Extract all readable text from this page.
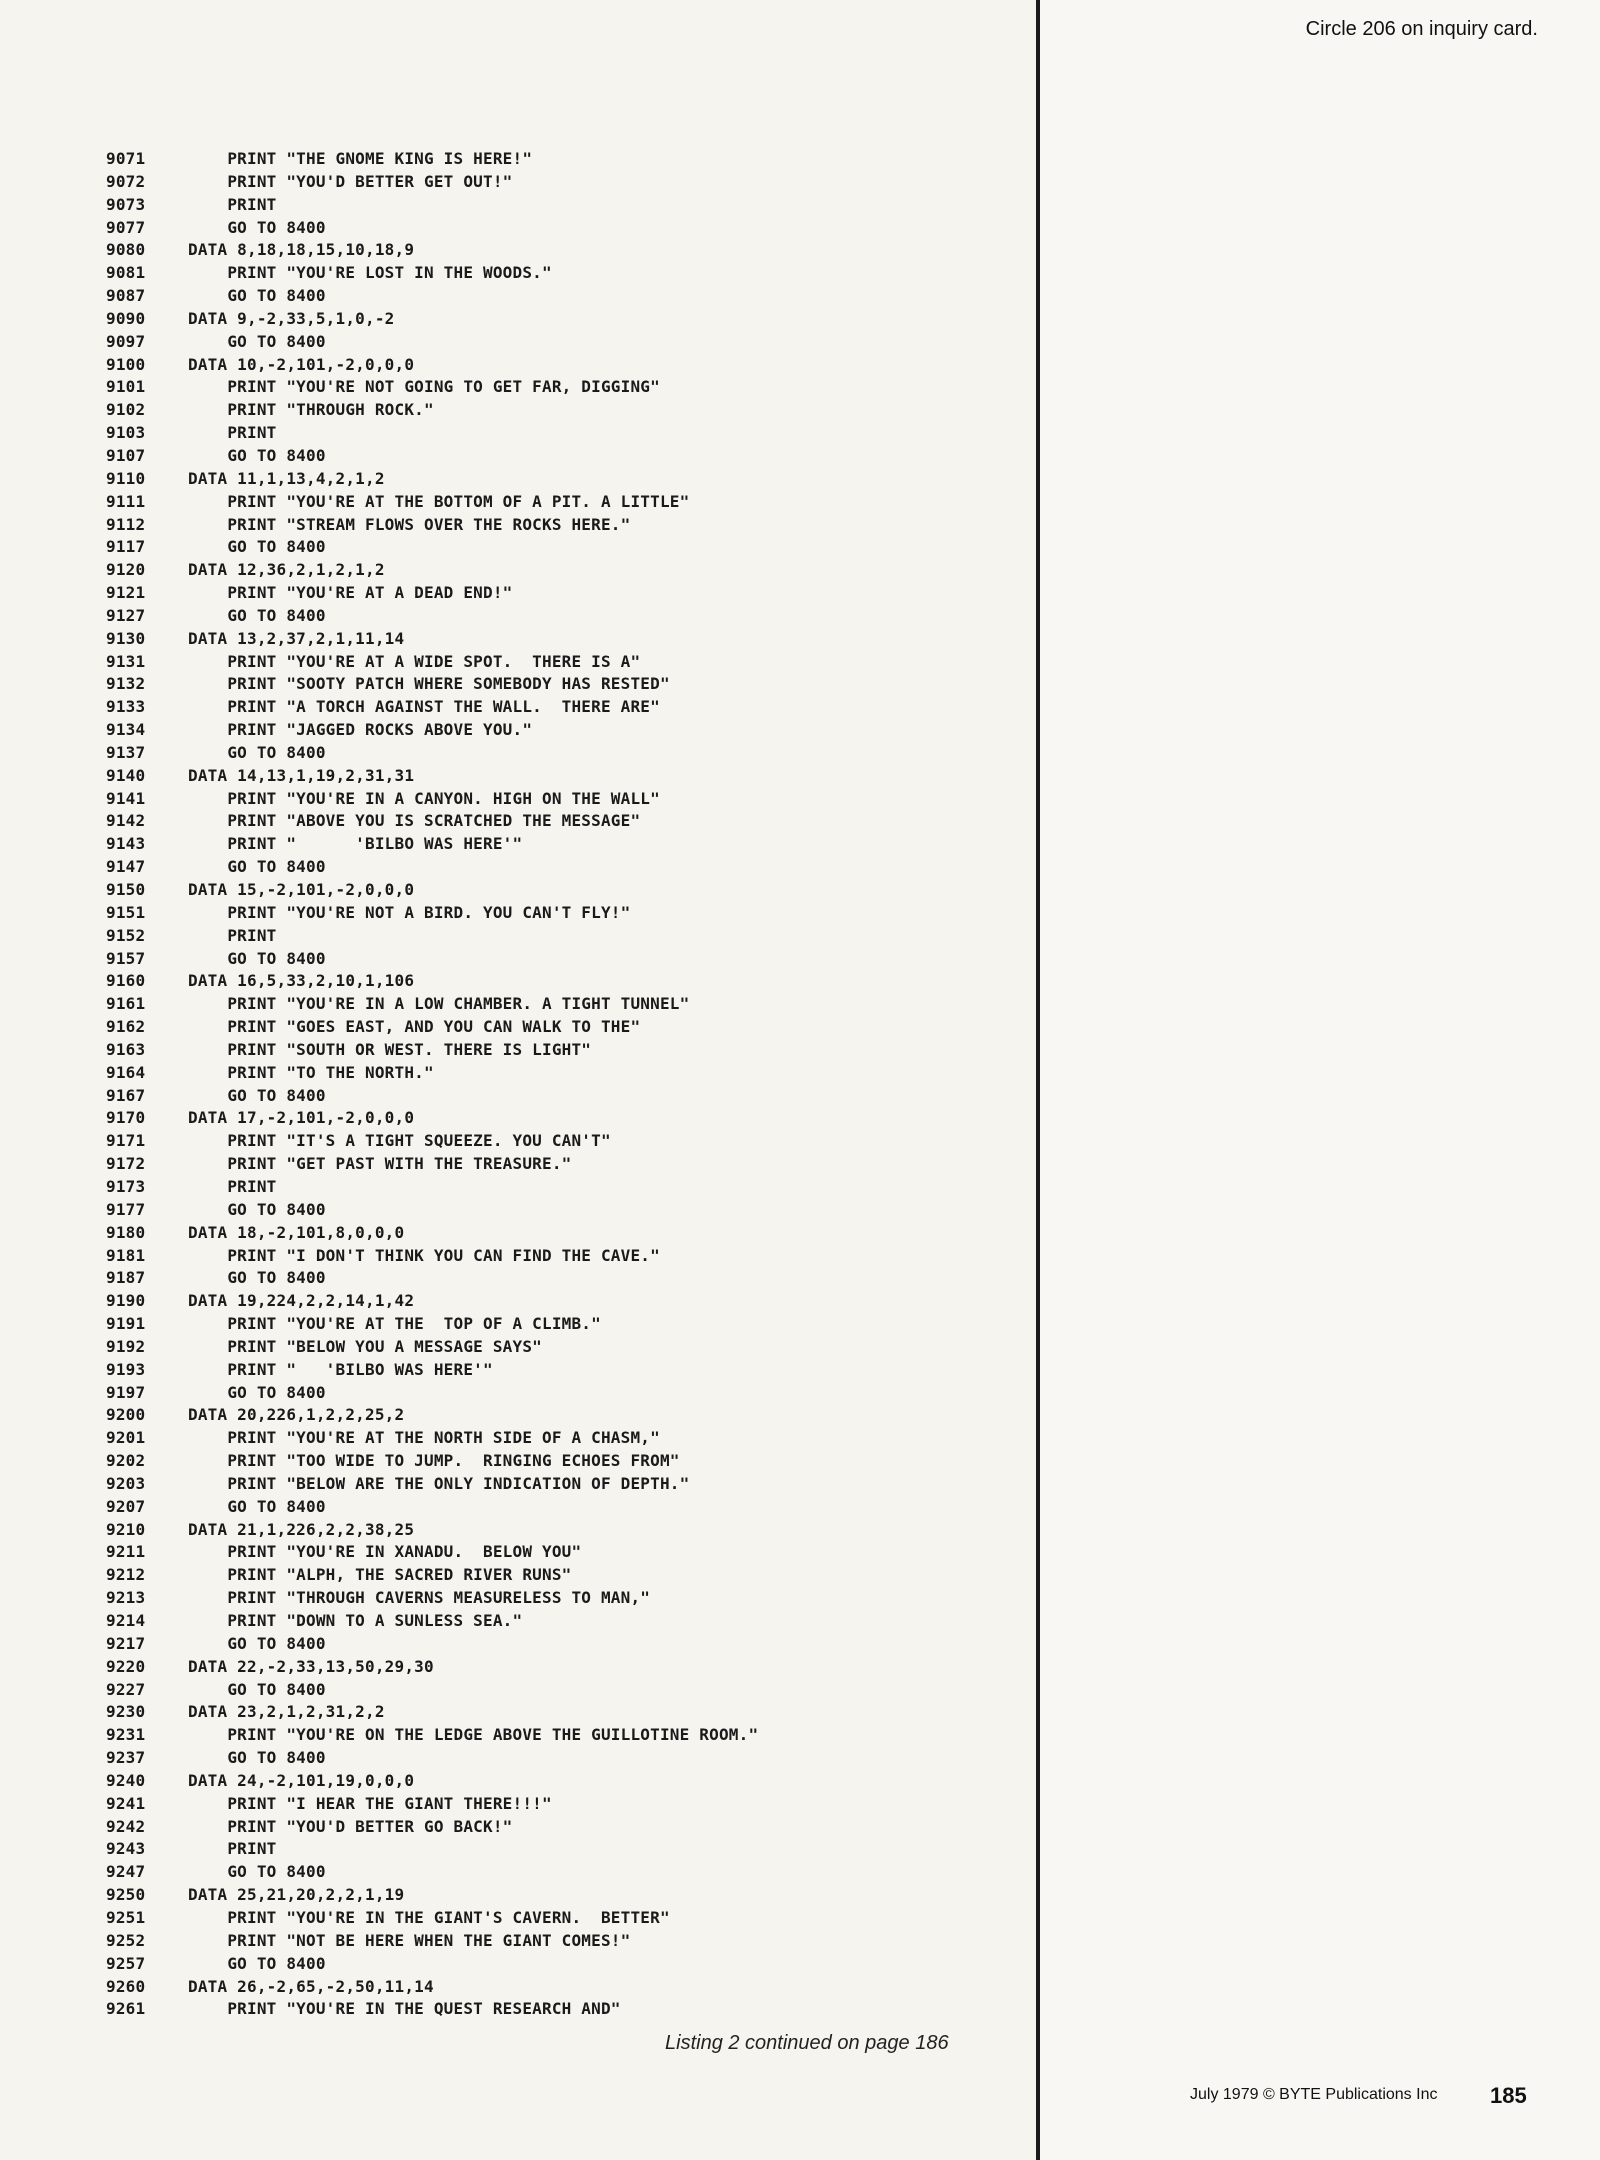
9071	PRINT "THE GNOME KING IS HERE!"
9072	PRINT "YOU'D BETTER GET OUT!"
9073	PRINT
9077	GO TO 8400
9080	DATA 8,18,18,15,10,18,9
9081	PRINT "YOU'RE LOST IN THE WOODS."
9087	GO TO 8400
9090	DATA 9,-2,33,5,1,0,-2
9097	GO TO 8400
9100	DATA 10,-2,101,-2,0,0,0
9101	PRINT "YOU'RE NOT GOING TO GET FAR, DIGGING"
9102	PRINT "THROUGH ROCK."
9103	PRINT
9107	GO TO 8400
9110	DATA 11,1,13,4,2,1,2
9111	PRINT "YOU'RE AT THE BOTTOM OF A PIT. A LITTLE"
9112	PRINT "STREAM FLOWS OVER THE ROCKS HERE."
9117	GO TO 8400
9120	DATA 12,36,2,1,2,1,2
9121	PRINT "YOU'RE AT A DEAD END!"
9127	GO TO 8400
9130	DATA 13,2,37,2,1,11,14
9131	PRINT "YOU'RE AT A WIDE SPOT.  THERE IS A"
9132	PRINT "SOOTY PATCH WHERE SOMEBODY HAS RESTED"
9133	PRINT "A TORCH AGAINST THE WALL.  THERE ARE"
9134	PRINT "JAGGED ROCKS ABOVE YOU."
9137	GO TO 8400
9140	DATA 14,13,1,19,2,31,31
9141	PRINT "YOU'RE IN A CANYON. HIGH ON THE WALL"
9142	PRINT "ABOVE YOU IS SCRATCHED THE MESSAGE"
9143	PRINT "      'BILBO WAS HERE'"
9147	GO TO 8400
9150	DATA 15,-2,101,-2,0,0,0
9151	PRINT "YOU'RE NOT A BIRD. YOU CAN'T FLY!"
9152	PRINT
9157	GO TO 8400
9160	DATA 16,5,33,2,10,1,106
9161	PRINT "YOU'RE IN A LOW CHAMBER. A TIGHT TUNNEL"
9162	PRINT "GOES EAST, AND YOU CAN WALK TO THE"
9163	PRINT "SOUTH OR WEST. THERE IS LIGHT"
9164	PRINT "TO THE NORTH."
9167	GO TO 8400
9170	DATA 17,-2,101,-2,0,0,0
9171	PRINT "IT'S A TIGHT SQUEEZE. YOU CAN'T"
9172	PRINT "GET PAST WITH THE TREASURE."
9173	PRINT
9177	GO TO 8400
9180	DATA 18,-2,101,8,0,0,0
9181	PRINT "I DON'T THINK YOU CAN FIND THE CAVE."
9187	GO TO 8400
9190	DATA 19,224,2,2,14,1,42
9191	PRINT "YOU'RE AT THE  TOP OF A CLIMB."
9192	PRINT "BELOW YOU A MESSAGE SAYS"
9193	PRINT "   'BILBO WAS HERE'"
9197	GO TO 8400
9200	DATA 20,226,1,2,2,25,2
9201	PRINT "YOU'RE AT THE NORTH SIDE OF A CHASM,"
9202	PRINT "TOO WIDE TO JUMP.  RINGING ECHOES FROM"
9203	PRINT "BELOW ARE THE ONLY INDICATION OF DEPTH."
9207	GO TO 8400
9210	DATA 21,1,226,2,2,38,25
9211	PRINT "YOU'RE IN XANADU.  BELOW YOU"
9212	PRINT "ALPH, THE SACRED RIVER RUNS"
9213	PRINT "THROUGH CAVERNS MEASURELESS TO MAN,"
9214	PRINT "DOWN TO A SUNLESS SEA."
9217	GO TO 8400
9220	DATA 22,-2,33,13,50,29,30
9227	GO TO 8400
9230	DATA 23,2,1,2,31,2,2
9231	PRINT "YOU'RE ON THE LEDGE ABOVE THE GUILLOTINE ROOM."
9237	GO TO 8400
9240	DATA 24,-2,101,19,0,0,0
9241	PRINT "I HEAR THE GIANT THERE!!!"
9242	PRINT "YOU'D BETTER GO BACK!"
9243	PRINT
9247	GO TO 8400
9250	DATA 25,21,20,2,2,1,19
9251	PRINT "YOU'RE IN THE GIANT'S CAVERN.  BETTER"
9252	PRINT "NOT BE HERE WHEN THE GIANT COMES!"
9257	GO TO 8400
9260	DATA 26,-2,65,-2,50,11,14
9261	PRINT "YOU'RE IN THE QUEST RESEARCH AND"
Listing 2 continued on page 186
Circle 206 on inquiry card.
July 1979 © BYTE Publications Inc 185
